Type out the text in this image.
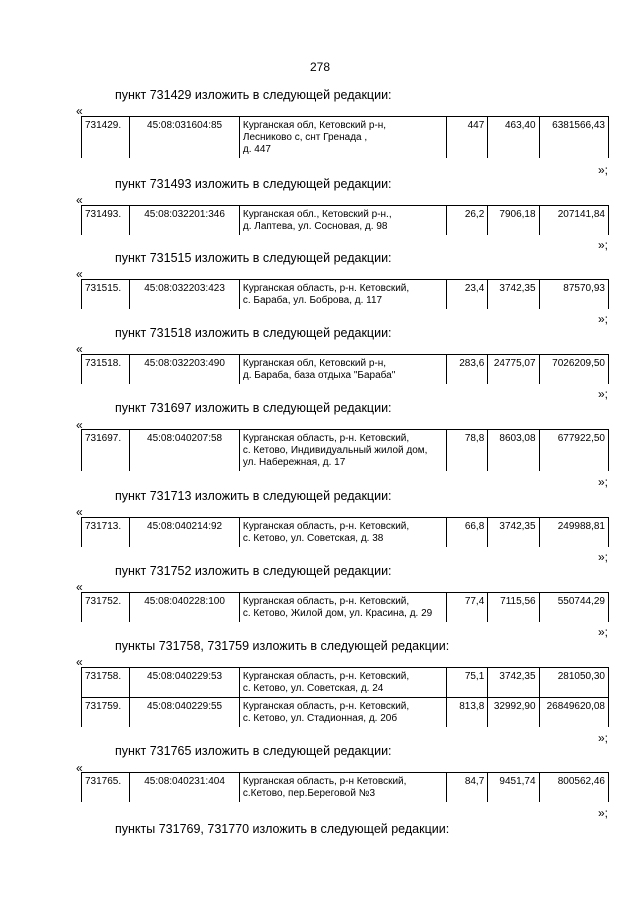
278
пункт 731429 изложить в следующей редакции:
«
731429.	45:08:031604:85	Курганская обл, Кетовский р-н,
Лесниково с, снт Гренада ,
д. 447
	447	463,40	6381566,43
»;
пункт 731493 изложить в следующей редакции:
«
731493.	45:08:032201:346	Курганская обл., Кетовский р-н.,
д. Лаптева, ул. Сосновая, д. 98
	26,2	7906,18	207141,84
»;
пункт 731515 изложить в следующей редакции:
«
731515.	45:08:032203:423	Курганская область, р-н. Кетовский,
с. Бараба, ул. Боброва, д. 117
	23,4	3742,35	87570,93
»;
пункт 731518 изложить в следующей редакции:
«
731518.	45:08:032203:490	Курганская обл, Кетовский р-н,
д. Бараба, база отдыха "Бараба"
	283,6	24775,07	7026209,50
»;
пункт 731697 изложить в следующей редакции:
«
731697.	45:08:040207:58	Курганская область, р-н. Кетовский,
с. Кетово, Индивидуальный жилой дом,
ул. Набережная, д. 17
	78,8	8603,08	677922,50
»;
пункт 731713 изложить в следующей редакции:
«
731713.	45:08:040214:92	Курганская область, р-н. Кетовский,
с. Кетово, ул. Советская, д. 38
	66,8	3742,35	249988,81
»;
пункт 731752 изложить в следующей редакции:
«
731752.	45:08:040228:100	Курганская область, р-н. Кетовский,
с. Кетово, Жилой дом, ул. Красина, д. 29
	77,4	7115,56	550744,29
»;
пункты 731758, 731759 изложить в следующей редакции:
«
731758.	45:08:040229:53	Курганская область, р-н. Кетовский,
с. Кетово, ул. Советская, д. 24	75,1	3742,35	281050,30
731759.	45:08:040229:55	Курганская область, р-н. Кетовский,
с. Кетово, ул. Стадионная, д. 20б	813,8	32992,90	26849620,08
»;
пункт 731765 изложить в следующей редакции:
«
731765.	45:08:040231:404	Курганская область, р-н Кетовский,
с.Кетово, пер.Береговой №3
	84,7	9451,74	800562,46
»;
пункты 731769, 731770 изложить в следующей редакции:
